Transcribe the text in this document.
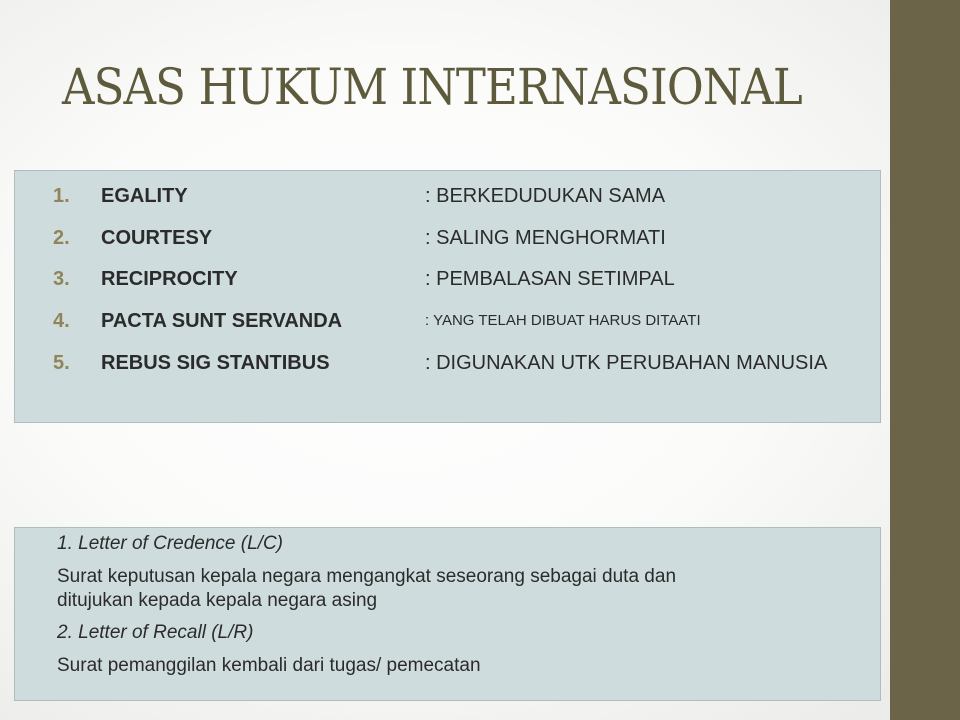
ASAS HUKUM INTERNASIONAL
1. EGALITY	: BERKEDUDUKAN SAMA
2. COURTESY	: SALING MENGHORMATI
3. RECIPROCITY	: PEMBALASAN SETIMPAL
4. PACTA SUNT SERVANDA	: YANG TELAH DIBUAT HARUS DITAATI
5. REBUS SIG STANTIBUS	: DIGUNAKAN UTK PERUBAHAN MANUSIA
1. Letter of Credence (L/C)
Surat keputusan kepala negara mengangkat seseorang sebagai duta dan
ditujukan kepada kepala negara asing
2. Letter of Recall (L/R)
Surat pemanggilan kembali dari tugas/ pemecatan
By: @arifwicaksono92
